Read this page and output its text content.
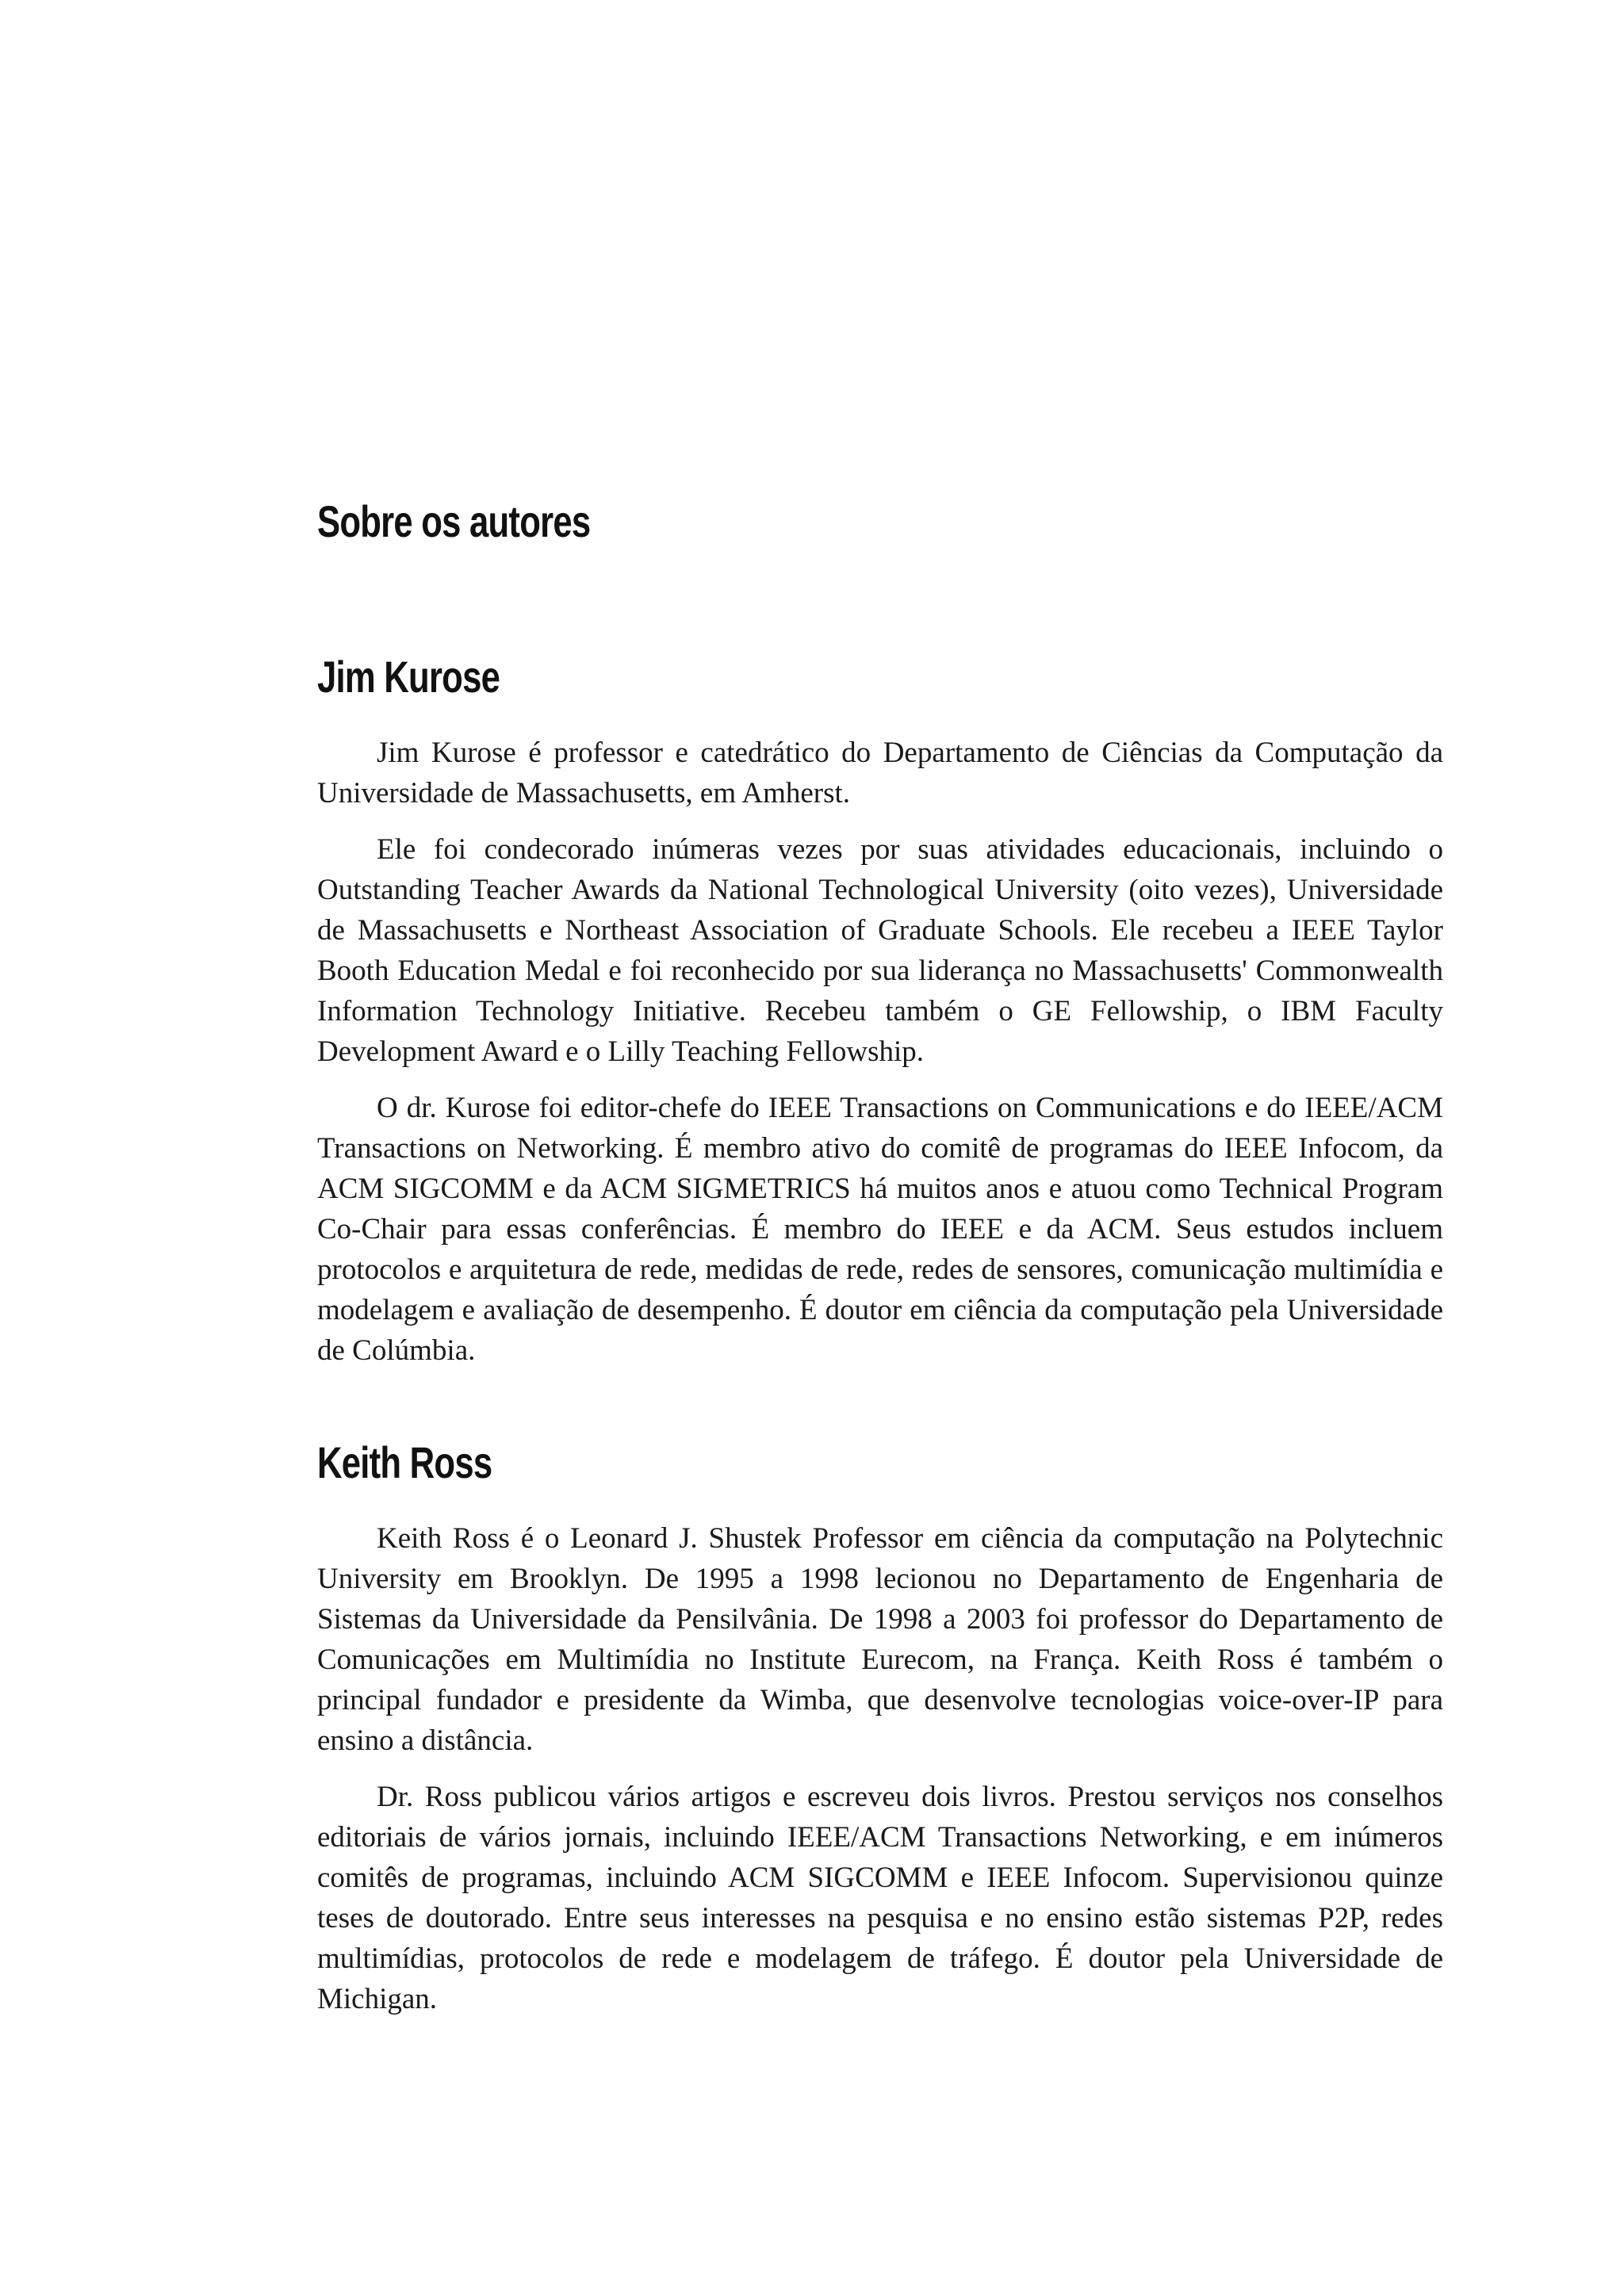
Sobre os autores
Jim Kurose

Jim Kurose é professor e catedrático do Departamento de Ciências da Computação da Universidade de Massachusetts, em Amherst.

Ele foi condecorado inúmeras vezes por suas atividades educacionais, incluindo o Outstanding Teacher Awards da National Technological University (oito vezes), Universidade de Massachusetts e Northeast Association of Graduate Schools. Ele recebeu a IEEE Taylor Booth Education Medal e foi reconhecido por sua liderança no Massachusetts' Commonwealth Information Technology Initiative. Recebeu também o GE Fellowship, o IBM Faculty Development Award e o Lilly Teaching Fellowship.

O dr. Kurose foi editor-chefe do IEEE Transactions on Communications e do IEEE/ACM Transactions on Networking. É membro ativo do comitê de programas do IEEE Infocom, da ACM SIGCOMM e da ACM SIGMETRICS há muitos anos e atuou como Technical Program Co-Chair para essas conferências. É membro do IEEE e da ACM. Seus estudos incluem protocolos e arquitetura de rede, medidas de rede, redes de sensores, comunicação multimídia e modelagem e avaliação de desempenho. É doutor em ciência da computação pela Universidade de Colúmbia.

Keith Ross

Keith Ross é o Leonard J. Shustek Professor em ciência da computação na Polytechnic University em Brooklyn. De 1995 a 1998 lecionou no Departamento de Engenharia de Sistemas da Universidade da Pensilvânia. De 1998 a 2003 foi professor do Departamento de Comunicações em Multimídia no Institute Eurecom, na França. Keith Ross é também o principal fundador e presidente da Wimba, que desenvolve tecnologias voice-over-IP para ensino a distância.

Dr. Ross publicou vários artigos e escreveu dois livros. Prestou serviços nos conselhos editoriais de vários jornais, incluindo IEEE/ACM Transactions Networking, e em inúmeros comitês de programas, incluindo ACM SIGCOMM e IEEE Infocom. Supervisionou quinze teses de doutorado. Entre seus interesses na pesquisa e no ensino estão sistemas P2P, redes multimídias, protocolos de rede e modelagem de tráfego. É doutor pela Universidade de Michigan.
